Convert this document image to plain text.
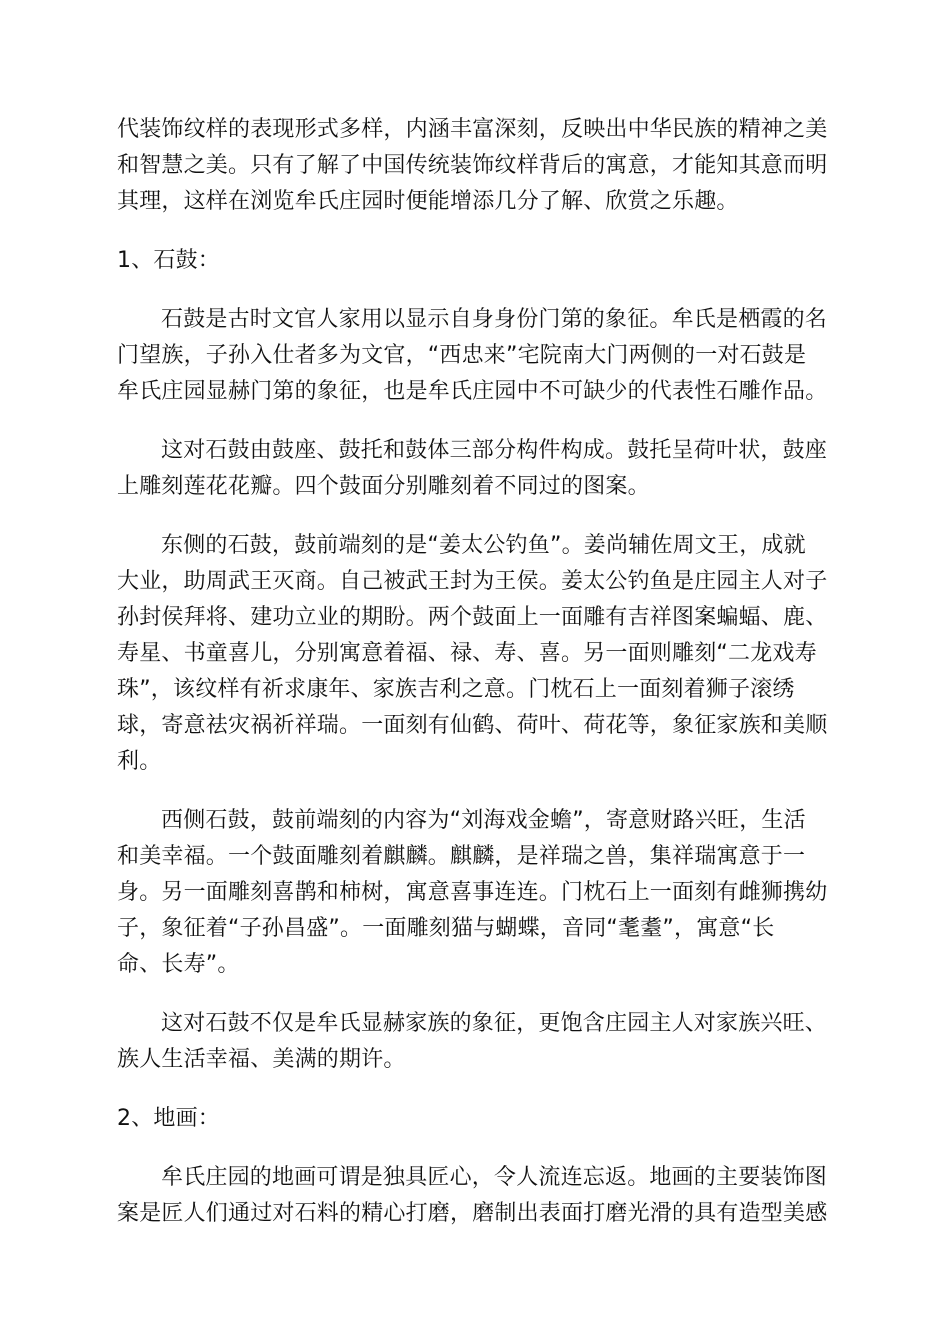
代装饰纹样的表现形式多样，内涵丰富深刻，反映出中华民族的精神之美
和智慧之美。只有了解了中国传统装饰纹样背后的寓意，才能知其意而明
其理，这样在浏览牟氏庄园时便能增添几分了解、欣赏之乐趣。
1、石鼓：
石鼓是古时文官人家用以显示自身身份门第的象征。牟氏是栖霞的名
门望族，子孙入仕者多为文官，“西忠来”宅院南大门两侧的一对石鼓是
牟氏庄园显赫门第的象征，也是牟氏庄园中不可缺少的代表性石雕作品。
这对石鼓由鼓座、鼓托和鼓体三部分构件构成。鼓托呈荷叶状，鼓座
上雕刻莲花花瓣。四个鼓面分别雕刻着不同过的图案。
东侧的石鼓，鼓前端刻的是“姜太公钓鱼”。姜尚辅佐周文王，成就
大业，助周武王灭商。自己被武王封为王侯。姜太公钓鱼是庄园主人对子
孙封侯拜将、建功立业的期盼。两个鼓面上一面雕有吉祥图案蝙蝠、鹿、
寿星、书童喜儿，分别寓意着福、禄、寿、喜。另一面则雕刻“二龙戏寿
珠”，该纹样有祈求康年、家族吉利之意。门枕石上一面刻着狮子滚绣
球，寄意祛灾祸祈祥瑞。一面刻有仙鹤、荷叶、荷花等，象征家族和美顺
利。
西侧石鼓，鼓前端刻的内容为“刘海戏金蟾”，寄意财路兴旺，生活
和美幸福。一个鼓面雕刻着麒麟。麒麟，是祥瑞之兽，集祥瑞寓意于一
身。另一面雕刻喜鹊和柿树，寓意喜事连连。门枕石上一面刻有雌狮携幼
子，象征着“子孙昌盛”。一面雕刻猫与蝴蝶，音同“耄耋”，寓意“长
命、长寿”。
这对石鼓不仅是牟氏显赫家族的象征，更饱含庄园主人对家族兴旺、
族人生活幸福、美满的期许。
2、地画：
牟氏庄园的地画可谓是独具匠心，令人流连忘返。地画的主要装饰图
案是匠人们通过对石料的精心打磨，磨制出表面打磨光滑的具有造型美感
